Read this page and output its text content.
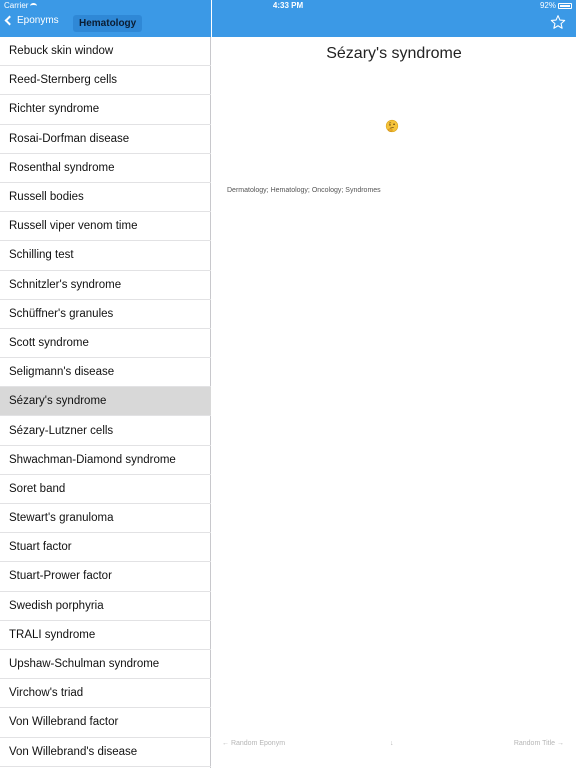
Carrier	4:33 PM	92%
Eponyms	Hematology
Rebuck skin window
Reed-Sternberg cells
Richter syndrome
Rosai-Dorfman disease
Rosenthal syndrome
Russell bodies
Russell viper venom time
Schilling test
Schnitzler's syndrome
Schüffner's granules
Scott syndrome
Seligmann's disease
Sézary's syndrome
Sézary-Lutzner cells
Shwachman-Diamond syndrome
Soret band
Stewart's granuloma
Stuart factor
Stuart-Prower factor
Swedish porphyria
TRALI syndrome
Upshaw-Schulman syndrome
Virchow's triad
Von Willebrand factor
Von Willebrand's disease
Sézary's syndrome
Dermatology; Hematology; Oncology; Syndromes
← Random Eponym	↓	Random Title →
